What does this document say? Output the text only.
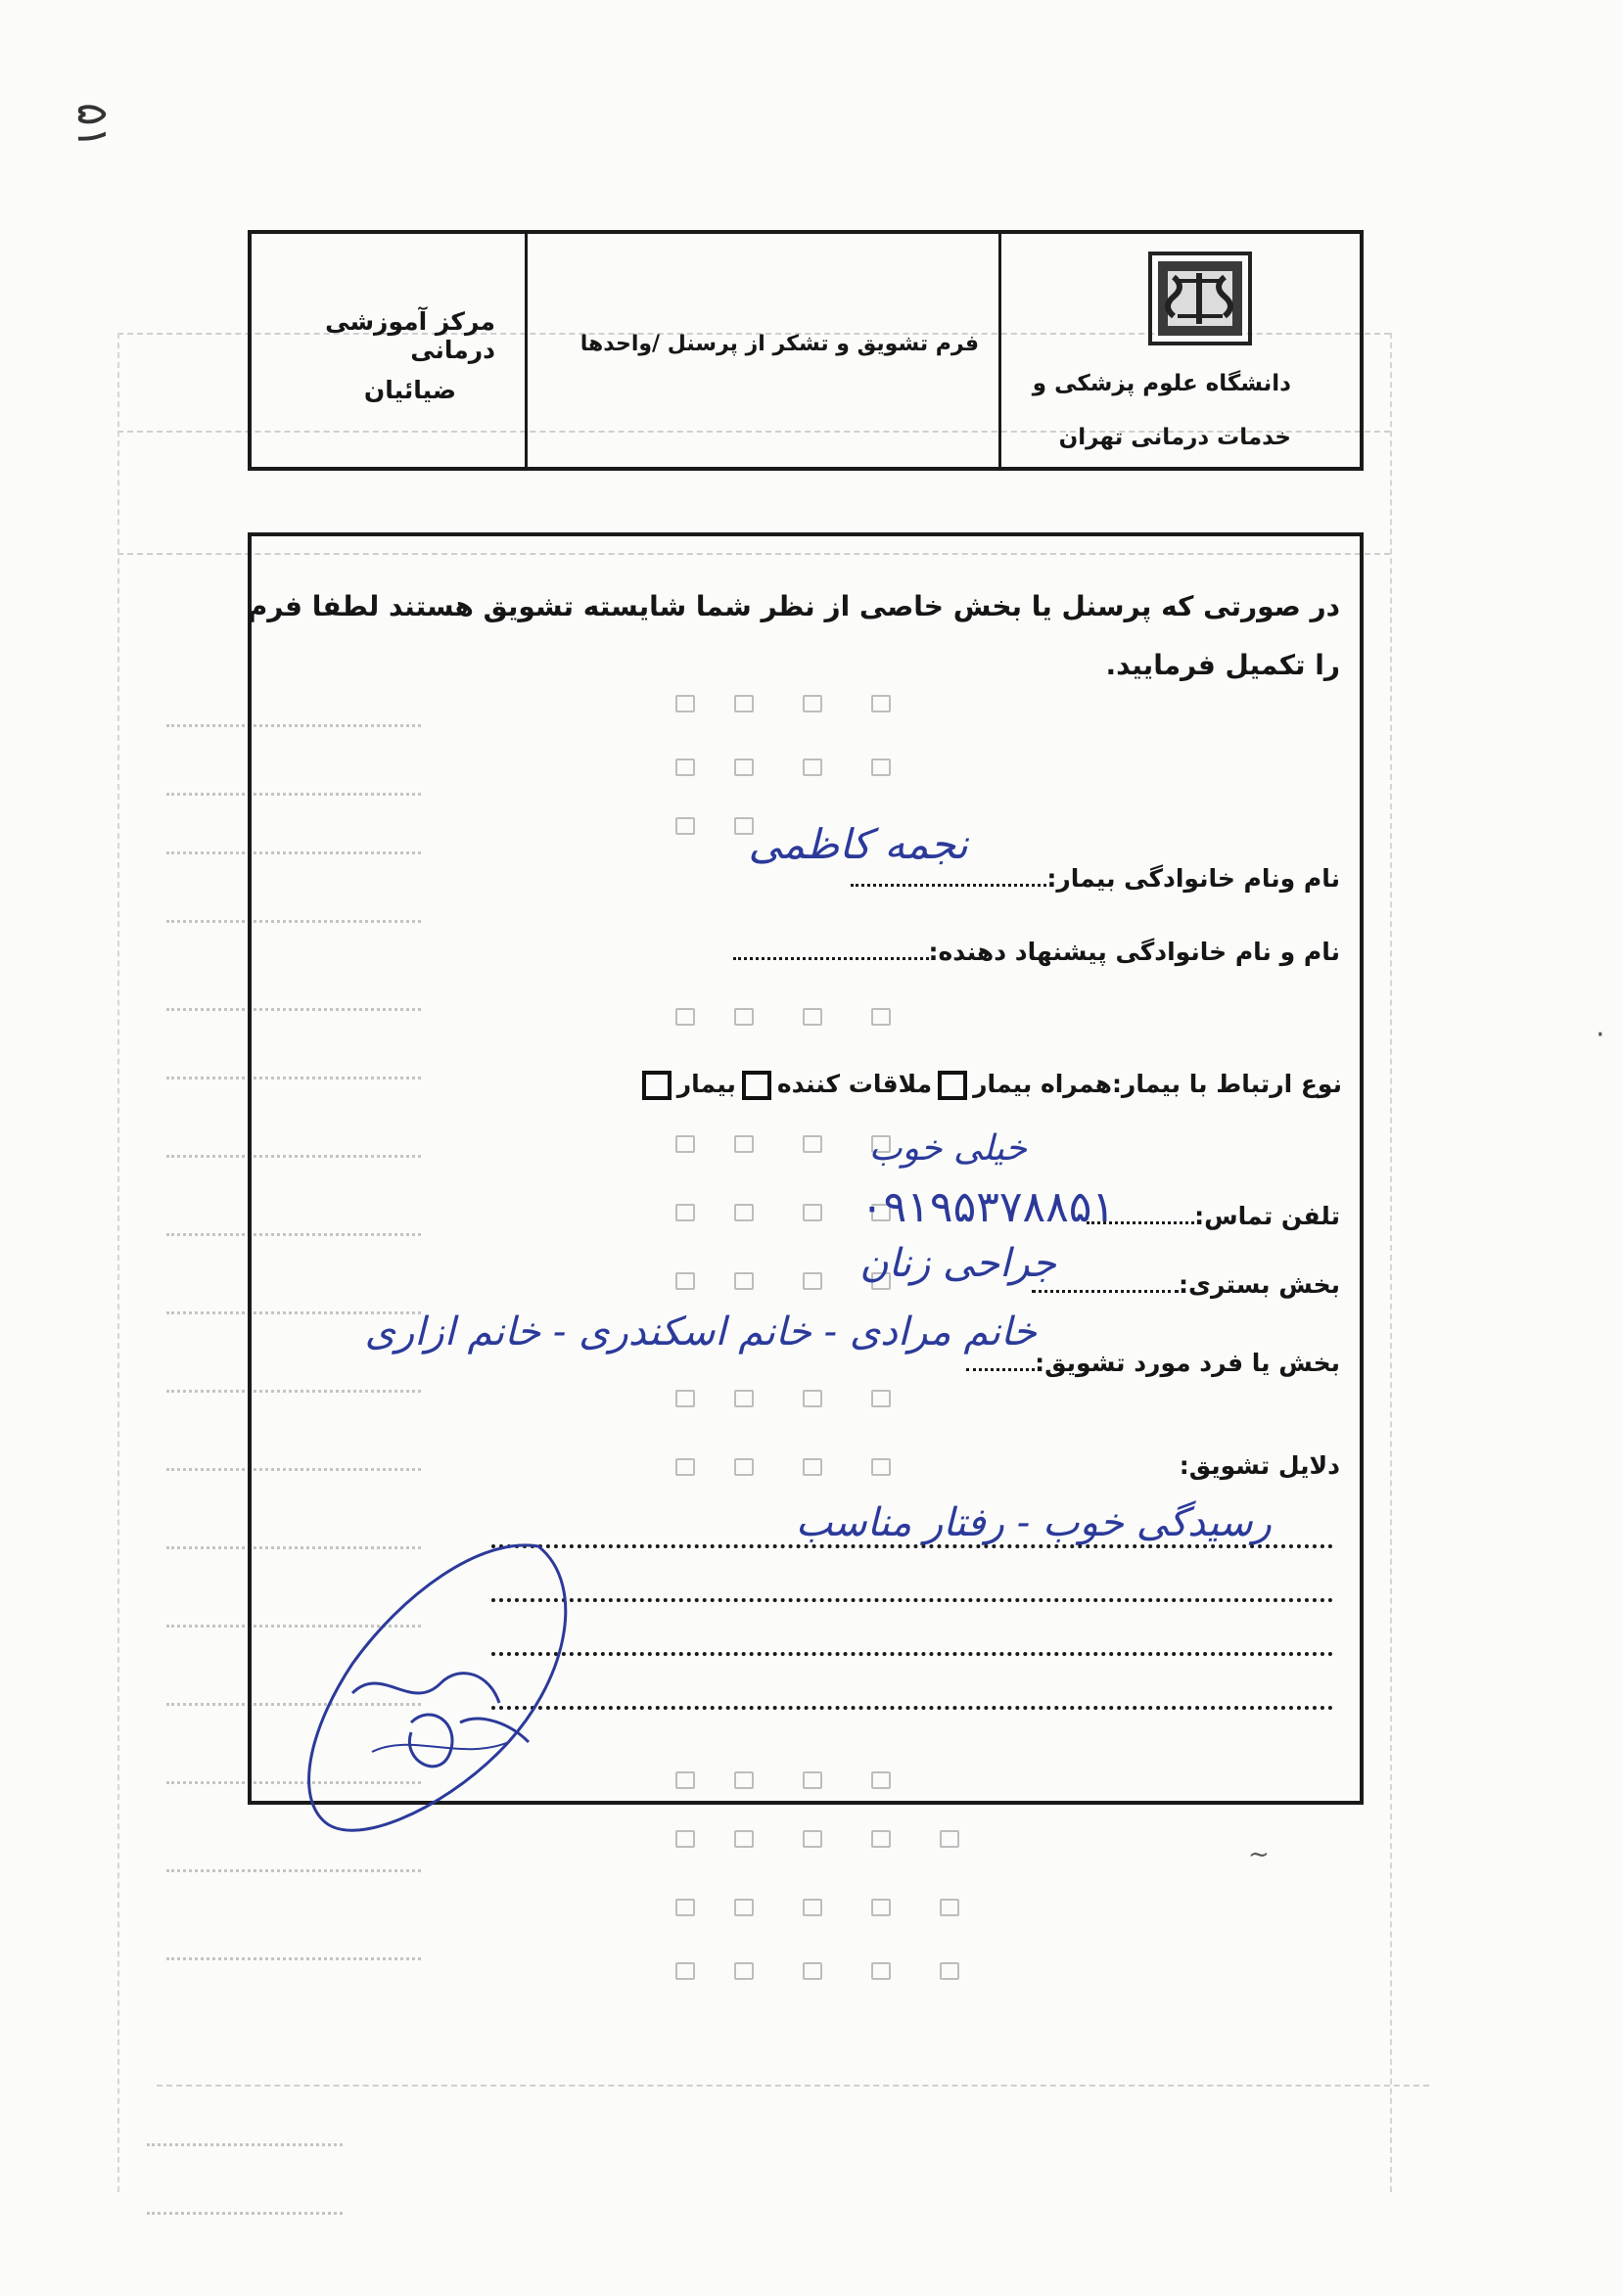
۵۱
مرکز آموزشی درمانی
ضیائیان
فرم تشویق و تشکر از پرسنل /واحدها
دانشگاه علوم پزشکی و
خدمات درمانی تهران
در صورتی که پرسنل یا بخش خاصی از نظر شما شایسته تشویق هستند لطفا فرم
را تکمیل فرمایید.
نام ونام خانوادگی بیمار:
نجمه کاظمی
نام و نام خانوادگی پیشنهاد دهنده:
نوع ارتباط با بیمار:همراه بیمارملاقات کنندهبیمار
خیلی خوب
تلفن تماس:
۰۹۱۹۵۳۷۸۸۵۱
بخش بستری:
جراحی زنان
بخش یا فرد مورد تشویق:
خانم مرادی - خانم اسکندری - خانم ازاری
دلایل تشویق:
رسیدگی خوب - رفتار مناسب
·
~
